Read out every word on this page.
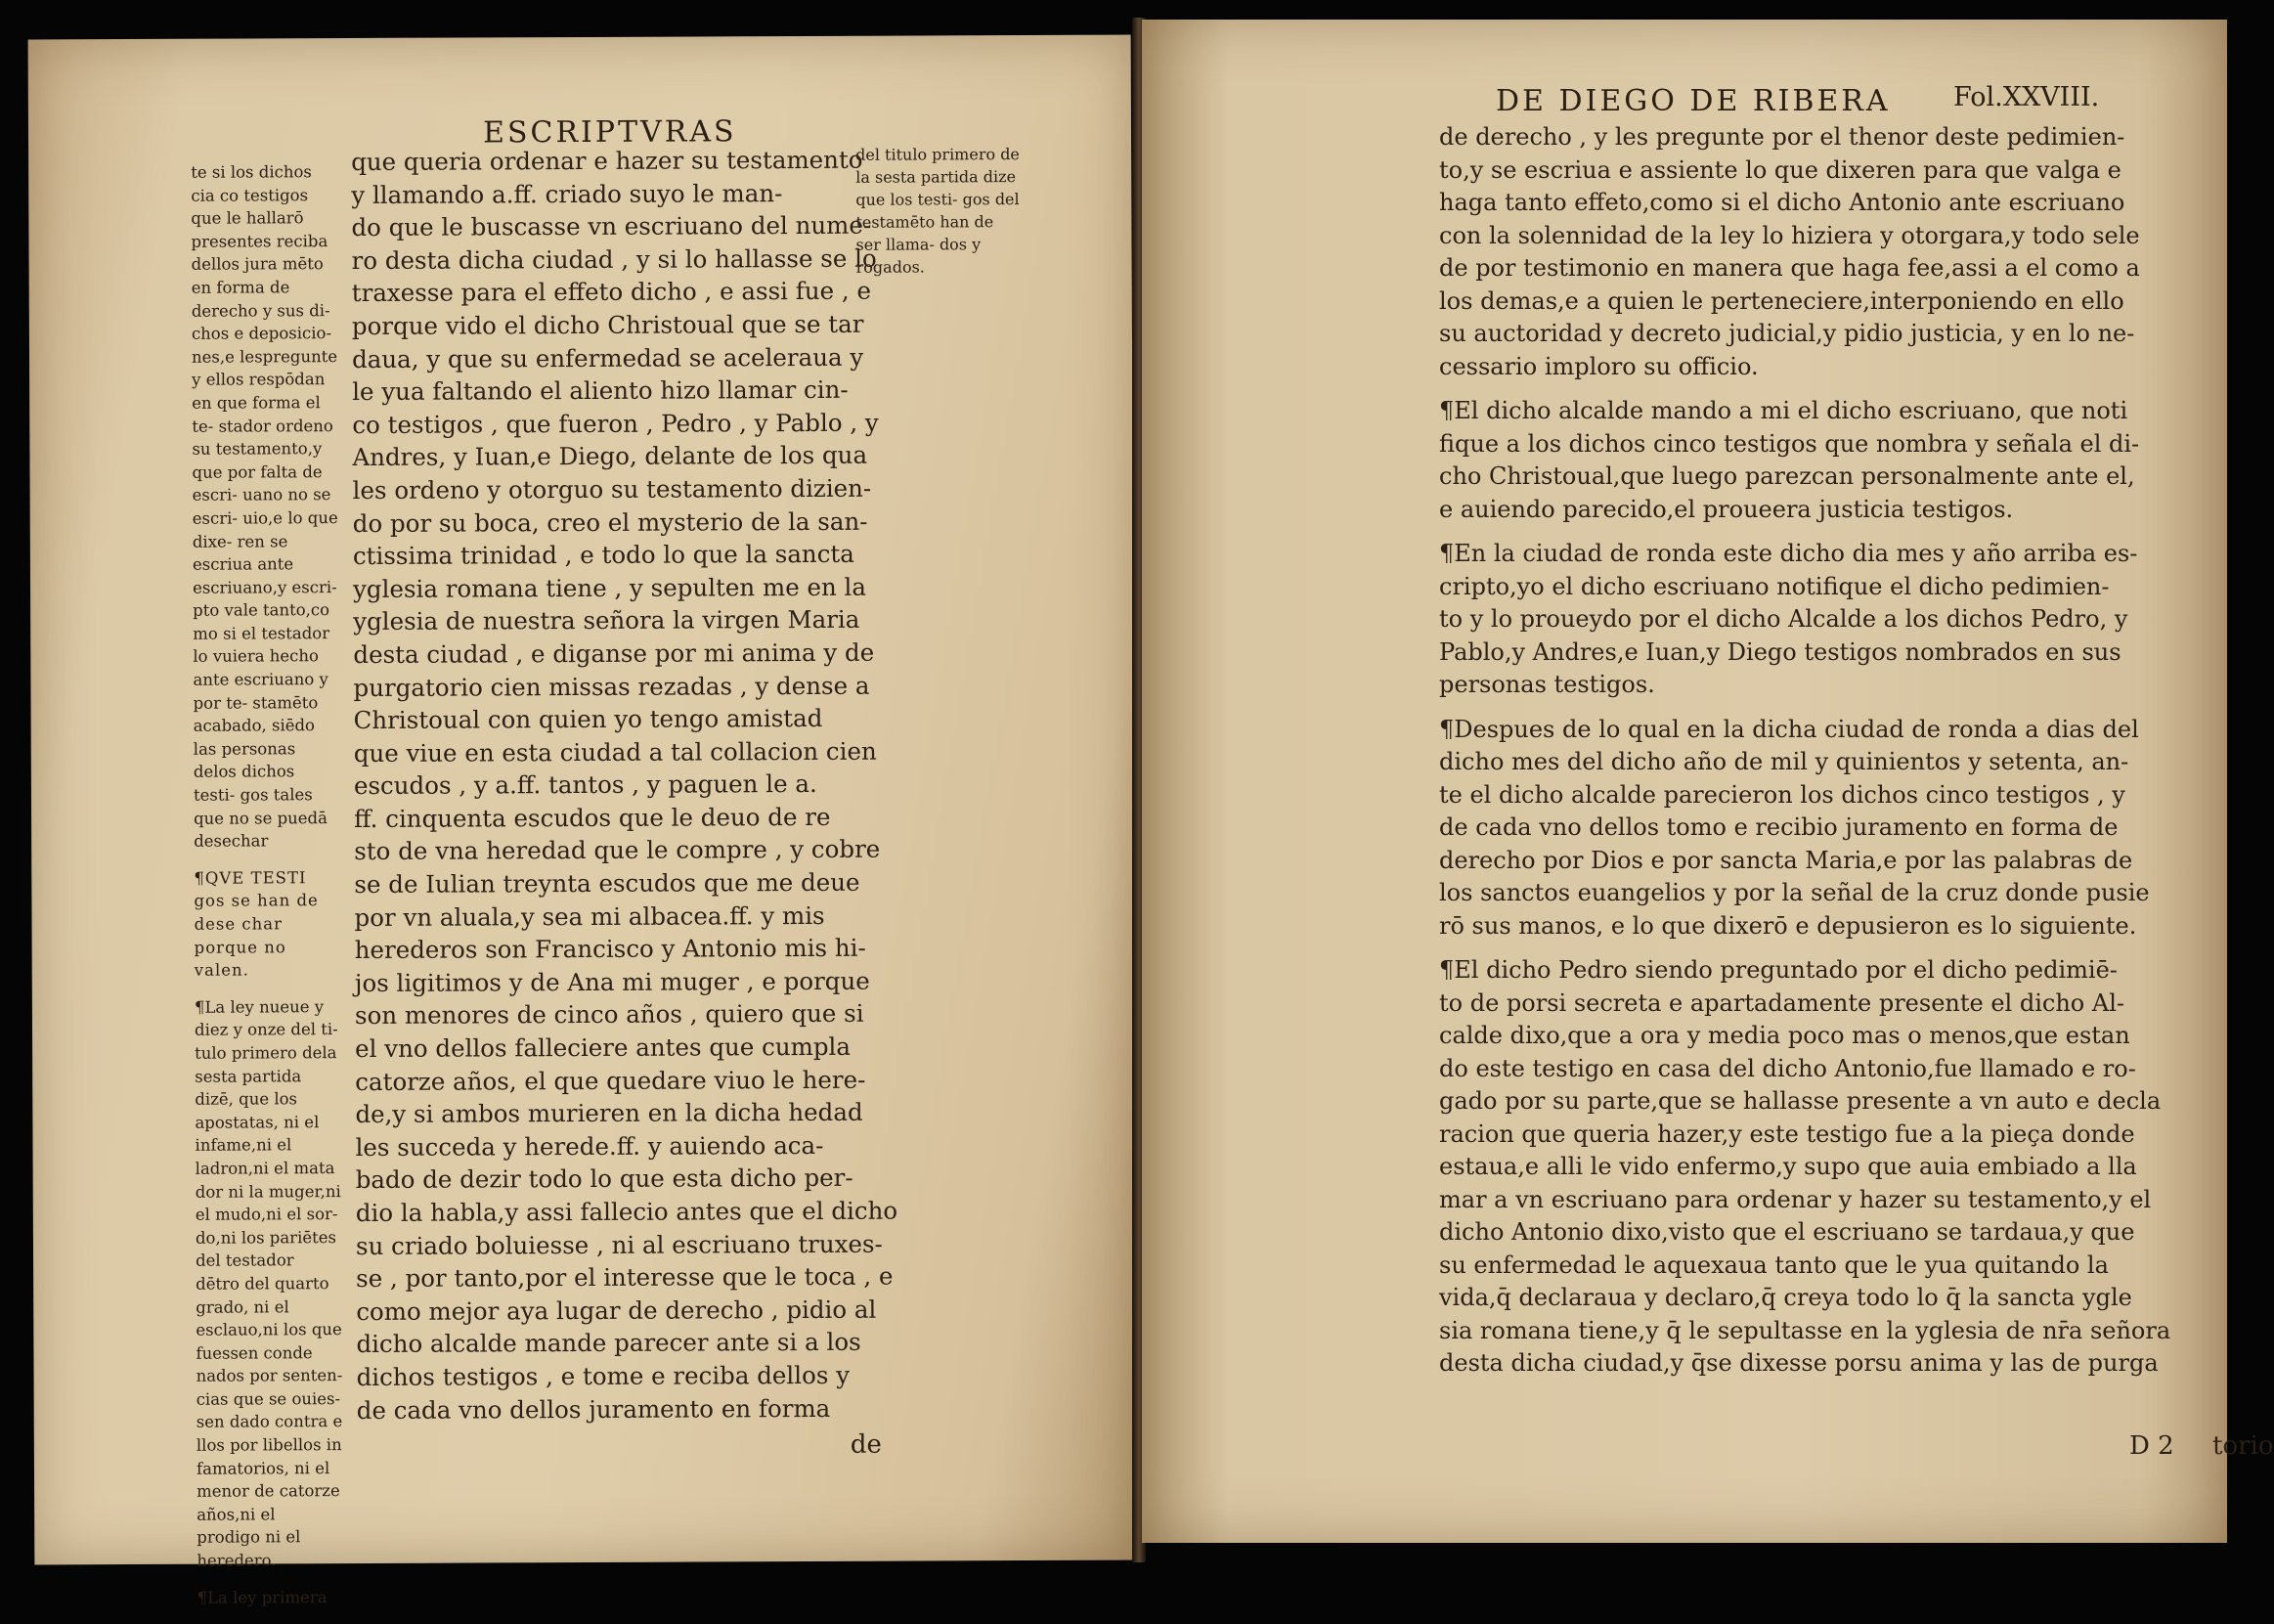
ESCRIPTVRAS
te si los dichos cia co testigos que le hallarō presentes reciba dellos jura mēto en forma de derecho y sus di- chos e deposicio- nes,e lespregunte y ellos respōdan en que forma el te- stador ordeno su testamento,y que por falta de escri- uano no se escri- uio,e lo que dixe- ren se escriua ante escriuano,y escri- pto vale tanto,co mo si el testador lo vuiera hecho ante escriuano y por te- stamēto acabado, siēdo las personas delos dichos testi- gos tales que no se puedā desechar
¶QVE TESTI gos se han de dese char porque no valen.
¶La ley nueue y diez y onze del ti- tulo primero dela sesta partida dizē, que los apostatas, ni el infame,ni el ladron,ni el mata dor ni la muger,ni el mudo,ni el sor- do,ni los pariētes del testador dētro del quarto grado, ni el esclauo,ni los que fuessen conde nados por senten- cias que se ouies- sen dado contra e llos por libellos in famatorios, ni el menor de catorze años,ni el prodigo ni el heredero.
¶La ley primera
que queria ordenar e hazer su testamento
y llamando a.ff. criado suyo le man-
do que le buscasse vn escriuano del nume-
ro desta dicha ciudad , y si lo hallasse se lo
traxesse para el effeto dicho , e assi fue , e
porque vido el dicho Christoual que se tar
daua, y que su enfermedad se aceleraua y
le yua faltando el aliento hizo llamar cin-
co testigos , que fueron , Pedro , y Pablo , y
Andres, y Iuan,e Diego, delante de los qua
les ordeno y otorguo su testamento dizien-
do por su boca, creo el mysterio de la san-
ctissima trinidad , e todo lo que la sancta
yglesia romana tiene , y sepulten me en la
yglesia de nuestra señora la virgen Maria
desta ciudad , e diganse por mi anima y de
purgatorio cien missas rezadas , y dense a
Christoual con quien yo tengo amistad
que viue en esta ciudad a tal collacion cien
escudos , y a.ff. tantos , y paguen le a.
ff. cinquenta escudos que le deuo de re
sto de vna heredad que le compre , y cobre
se de Iulian treynta escudos que me deue
por vn aluala,y sea mi albacea.ff. y mis
herederos son Francisco y Antonio mis hi-
jos ligitimos y de Ana mi muger , e porque
son menores de cinco años , quiero que si
el vno dellos falleciere antes que cumpla
catorze años, el que quedare viuo le here-
de,y si ambos murieren en la dicha hedad
les succeda y herede.ff. y auiendo aca-
bado de dezir todo lo que esta dicho per-
dio la habla,y assi fallecio antes que el dicho
su criado boluiesse , ni al escriuano truxes-
se , por tanto,por el interesse que le toca , e
como mejor aya lugar de derecho , pidio al
dicho alcalde mande parecer ante si a los
dichos testigos , e tome e reciba dellos y
de cada vno dellos juramento en forma
del titulo primero de la sesta partida dize que los testi- gos del testamēto han de ser llama- dos y rogados.
de
DE DIEGO DE RIBERA Fol.XXVIII.
de derecho , y les pregunte por el thenor deste pedimien-
to,y se escriua e assiente lo que dixeren para que valga e
haga tanto effeto,como si el dicho Antonio ante escriuano
con la solennidad de la ley lo hiziera y otorgara,y todo sele
de por testimonio en manera que haga fee,assi a el como a
los demas,e a quien le perteneciere,interponiendo en ello
su auctoridad y decreto judicial,y pidio justicia, y en lo ne-
cessario imploro su officio.
¶El dicho alcalde mando a mi el dicho escriuano, que noti
fique a los dichos cinco testigos que nombra y señala el di-
cho Christoual,que luego parezcan personalmente ante el,
e auiendo parecido,el proueera justicia testigos.
¶En la ciudad de ronda este dicho dia mes y año arriba es-
cripto,yo el dicho escriuano notifique el dicho pedimien-
to y lo proueydo por el dicho Alcalde a los dichos Pedro, y
Pablo,y Andres,e Iuan,y Diego testigos nombrados en sus
personas testigos.
¶Despues de lo qual en la dicha ciudad de ronda a dias del
dicho mes del dicho año de mil y quinientos y setenta, an-
te el dicho alcalde parecieron los dichos cinco testigos , y
de cada vno dellos tomo e recibio juramento en forma de
derecho por Dios e por sancta Maria,e por las palabras de
los sanctos euangelios y por la señal de la cruz donde pusie
rō sus manos, e lo que dixerō e depusieron es lo siguiente.
¶El dicho Pedro siendo preguntado por el dicho pedimiē-
to de porsi secreta e apartadamente presente el dicho Al-
calde dixo,que a ora y media poco mas o menos,que estan
do este testigo en casa del dicho Antonio,fue llamado e ro-
gado por su parte,que se hallasse presente a vn auto e decla
racion que queria hazer,y este testigo fue a la pieça donde
estaua,e alli le vido enfermo,y supo que auia embiado a lla
mar a vn escriuano para ordenar y hazer su testamento,y el
dicho Antonio dixo,visto que el escriuano se tardaua,y que
su enfermedad le aquexaua tanto que le yua quitando la
vida,q̄ declaraua y declaro,q̄ creya todo lo q̄ la sancta ygle
sia romana tiene,y q̄ le sepultasse en la yglesia de nr̄a señora
desta dicha ciudad,y q̄se dixesse porsu anima y las de purga
D 2 torio
